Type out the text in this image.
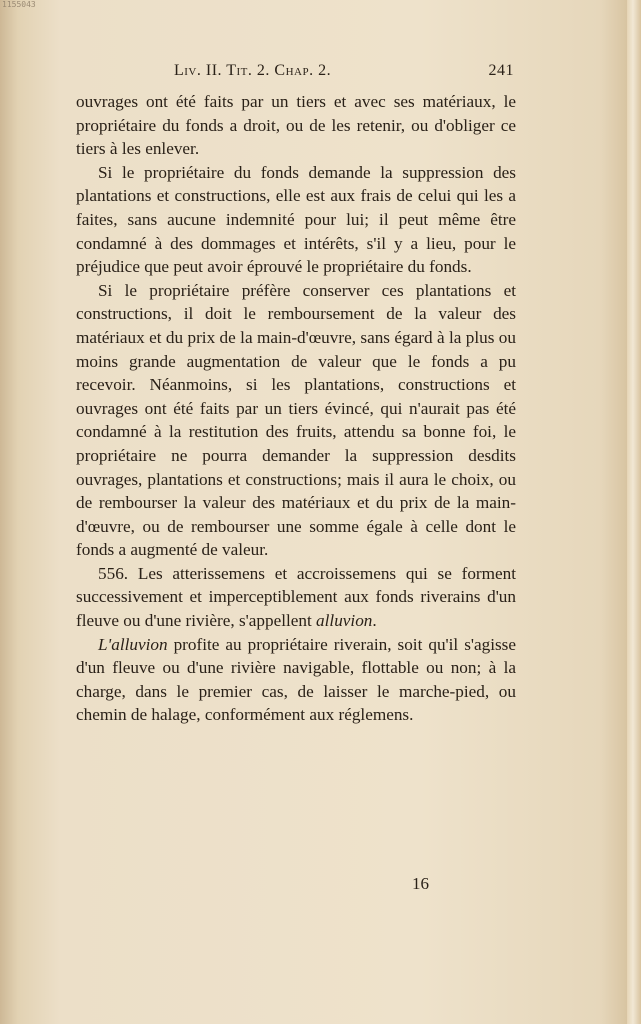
1155043
Liv. II. Tit. 2. Chap. 2.	241

ouvrages ont été faits par un tiers et avec ses matériaux, le propriétaire du fonds a droit, ou de les retenir, ou d'obliger ce tiers à les enlever.

Si le propriétaire du fonds demande la suppression des plantations et constructions, elle est aux frais de celui qui les a faites, sans aucune indemnité pour lui; il peut même être condamné à des dommages et intérêts, s'il y a lieu, pour le préjudice que peut avoir éprouvé le propriétaire du fonds.

Si le propriétaire préfère conserver ces plantations et constructions, il doit le remboursement de la valeur des matériaux et du prix de la main-d'œuvre, sans égard à la plus ou moins grande augmentation de valeur que le fonds a pu recevoir. Néanmoins, si les plantations, constructions et ouvrages ont été faits par un tiers évincé, qui n'aurait pas été condamné à la restitution des fruits, attendu sa bonne foi, le propriétaire ne pourra demander la suppression desdits ouvrages, plantations et constructions; mais il aura le choix, ou de rembourser la valeur des matériaux et du prix de la main-d'œuvre, ou de rembourser une somme égale à celle dont le fonds a augmenté de valeur.

556. Les atterissemens et accroissemens qui se forment successivement et imperceptiblement aux fonds riverains d'un fleuve ou d'une rivière, s'appellent alluvion.

L'alluvion profite au propriétaire riverain, soit qu'il s'agisse d'un fleuve ou d'une rivière navigable, flottable ou non; à la charge, dans le premier cas, de laisser le marche-pied, ou chemin de halage, conformément aux réglemens.

16
